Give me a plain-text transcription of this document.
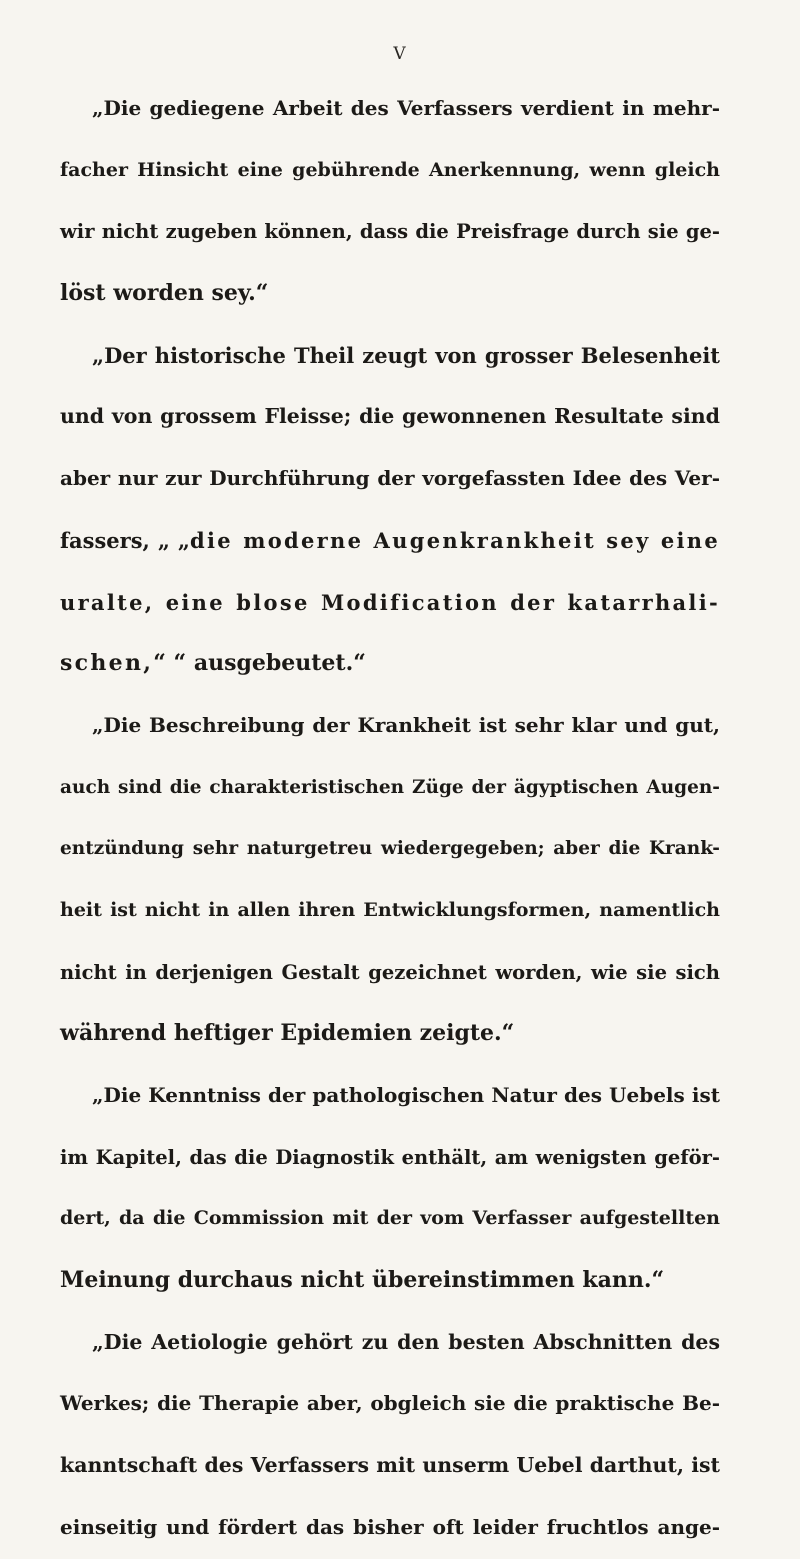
V
„Die gediegene Arbeit des Verfassers verdient in mehr-
facher Hinsicht eine gebührende Anerkennung, wenn gleich
wir nicht zugeben können, dass die Preisfrage durch sie ge-
löst worden sey.“
„Der historische Theil zeugt von grosser Belesenheit
und von grossem Fleisse; die gewonnenen Resultate sind
aber nur zur Durchführung der vorgefassten Idee des Ver-
fassers, „ „die moderne Augenkrankheit sey eine
uralte, eine blose Modification der katarrhali-
schen,“ “ ausgebeutet.“
„Die Beschreibung der Krankheit ist sehr klar und gut,
auch sind die charakteristischen Züge der ägyptischen Augen-
entzündung sehr naturgetreu wiedergegeben; aber die Krank-
heit ist nicht in allen ihren Entwicklungsformen, namentlich
nicht in derjenigen Gestalt gezeichnet worden, wie sie sich
während heftiger Epidemien zeigte.“
„Die Kenntniss der pathologischen Natur des Uebels ist
im Kapitel, das die Diagnostik enthält, am wenigsten geför-
dert, da die Commission mit der vom Verfasser aufgestellten
Meinung durchaus nicht übereinstimmen kann.“
„Die Aetiologie gehört zu den besten Abschnitten des
Werkes; die Therapie aber, obgleich sie die praktische Be-
kanntschaft des Verfassers mit unserm Uebel darthut, ist
einseitig und fördert das bisher oft leider fruchtlos ange-
